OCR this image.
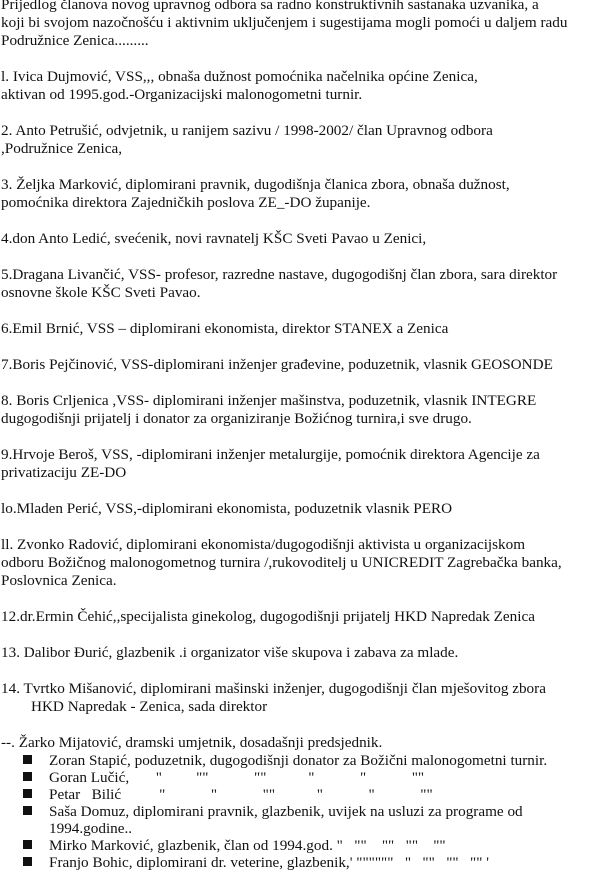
Prijedlog članova novog upravnog odbora sa radno konstruktivnih sastanaka uzvanika, a

koji bi svojom nazočnošću i aktivnim uključenjem i sugestijama mogli pomoći u daljem radu

Podružnice Zenica.........

l. Ivica Dujmović, VSS,,, obnaša dužnost pomoćnika načelnika općine Zenica,

aktivan od 1995.god.-Organizacijski malonogometni turnir.

2. Anto Petrušić, odvjetnik, u ranijem sazivu / 1998-2002/ član Upravnog odbora

,Podružnice Zenica,

3. Željka Marković, diplomirani pravnik, dugodišnja članica zbora, obnaša dužnost,

pomoćnika direktora Zajedničkih poslova ZE_-DO županije.

4.don Anto Ledić, svećenik, novi ravnatelj KŠC Sveti Pavao u Zenici,

5.Dragana Livančić, VSS- profesor, razredne nastave, dugogodišnj član zbora, sara direktor

osnovne škole KŠC Sveti Pavao.

6.Emil Brnić, VSS – diplomirani ekonomista, direktor STANEX a Zenica

7.Boris Pejčinović, VSS-diplomirani inženjer građevine, poduzetnik, vlasnik GEOSONDE

8. Boris Crljenica ,VSS- diplomirani inženjer mašinstva, poduzetnik, vlasnik INTEGRE

dugogodišnji prijatelj i donator za organiziranje Božićnog turnira,i sve drugo.

9.Hrvoje Beroš, VSS, -diplomirani inženjer metalurgije, pomoćnik direktora Agencije za

privatizaciju ZE-DO

lo.Mladen Perić, VSS,-diplomirani ekonomista, poduzetnik vlasnik PERO

ll. Zvonko Radović, diplomirani ekonomista/dugogodišnji aktivista u organizacijskom

odboru Božičnog malonogometnog turnira /,rukovoditelj u UNICREDIT Zagrebačka banka,

Poslovnica Zenica.

12.dr.Ermin Čehić,,specijalista ginekolog, dugogodišnji prijatelj HKD Napredak Zenica

13. Dalibor Đurić, glazbenik .i organizator više skupova i zabava za mlade.

14. Tvrtko Mišanović, diplomirani mašinski inženjer, dugogodišnji član mješovitog zbora

HKD Napredak - Zenica, sada direktor

--. Žarko Mijatović, dramski umjetnik, dosadašnji predsjednik.

Zoran Stapić, poduzetnik, dugogodišnji donator za Božični malonogometni turnir.
Goran Lučić,       "         ""            ""           "            "            ""
Petar   Bilić          "            "            ""           "            "            ""
Saša Domuz, diplomirani pravnik, glazbenik, uvijek na usluzi za programe od
1994.godine..
Mirko Marković, glazbenik, član od 1994.god. "   ""    ""   ""    ""
Franjo Bohic, diplomirani dr. veterine, glazbenik,' """"""   "   ""   ""   "" '
